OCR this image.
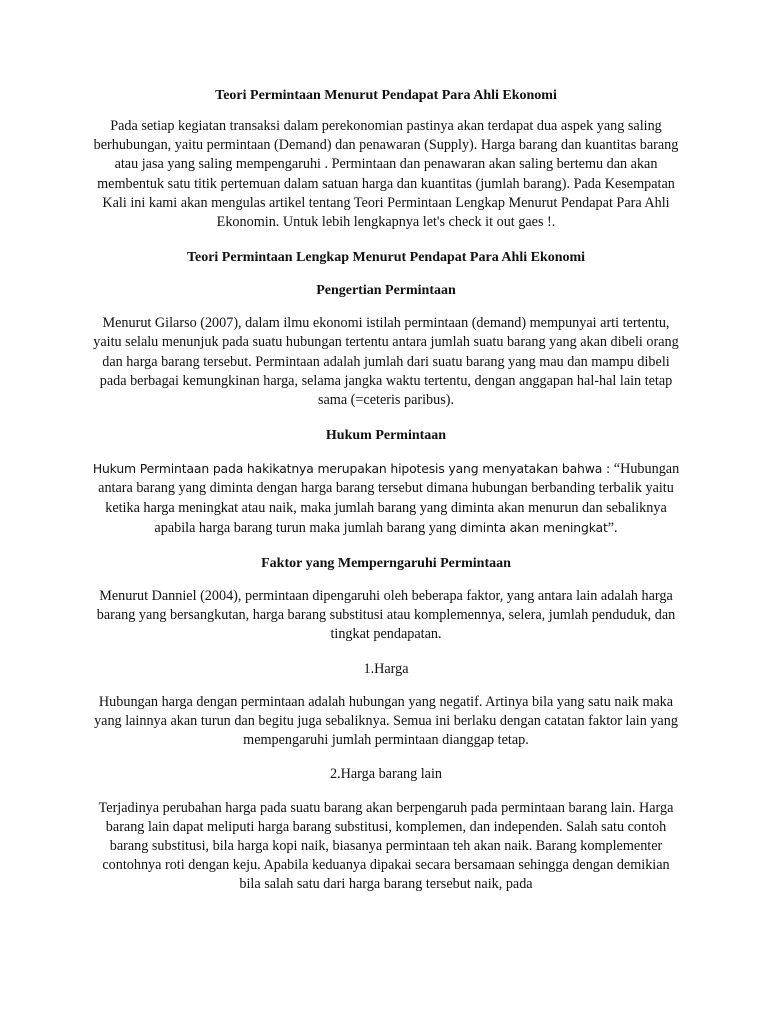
Teori Permintaan Menurut Pendapat Para Ahli Ekonomi

Pada setiap kegiatan transaksi dalam perekonomian pastinya akan terdapat dua aspek yang saling berhubungan, yaitu permintaan (Demand) dan penawaran (Supply). Harga barang dan kuantitas barang atau jasa yang saling mempengaruhi . Permintaan dan penawaran akan saling bertemu dan akan membentuk satu titik pertemuan dalam satuan harga dan kuantitas (jumlah barang). Pada Kesempatan Kali ini kami akan mengulas artikel tentang Teori Permintaan Lengkap Menurut Pendapat Para Ahli Ekonomin. Untuk lebih lengkapnya let's check it out gaes !.

Teori Permintaan Lengkap Menurut Pendapat Para Ahli Ekonomi
Pengertian Permintaan

Menurut Gilarso (2007), dalam ilmu ekonomi istilah permintaan (demand) mempunyai arti tertentu, yaitu selalu menunjuk pada suatu hubungan tertentu antara jumlah suatu barang yang akan dibeli orang dan harga barang tersebut. Permintaan adalah jumlah dari suatu barang yang mau dan mampu dibeli pada berbagai kemungkinan harga, selama jangka waktu tertentu, dengan anggapan hal-hal lain tetap sama (=ceteris paribus).

Hukum Permintaan

Hukum Permintaan pada hakikatnya merupakan hipotesis yang menyatakan bahwa : “Hubungan antara barang yang diminta dengan harga barang tersebut dimana hubungan berbanding terbalik yaitu ketika harga meningkat atau naik, maka jumlah barang yang diminta akan menurun dan sebaliknya apabila harga barang turun maka jumlah barang yang diminta akan meningkat”.

Faktor yang Memperngaruhi Permintaan

Menurut Danniel (2004), permintaan dipengaruhi oleh beberapa faktor, yang antara lain adalah harga barang yang bersangkutan, harga barang substitusi atau komplemennya, selera, jumlah penduduk, dan tingkat pendapatan.

1.Harga

Hubungan harga dengan permintaan adalah hubungan yang negatif. Artinya bila yang satu naik maka yang lainnya akan turun dan begitu juga sebaliknya. Semua ini berlaku dengan catatan faktor lain yang mempengaruhi jumlah permintaan dianggap tetap.

2.Harga barang lain

Terjadinya perubahan harga pada suatu barang akan berpengaruh pada permintaan barang lain. Harga barang lain dapat meliputi harga barang substitusi, komplemen, dan independen. Salah satu contoh barang substitusi, bila harga kopi naik, biasanya permintaan teh akan naik. Barang komplementer contohnya roti dengan keju. Apabila keduanya dipakai secara bersamaan sehingga dengan demikian bila salah satu dari harga barang tersebut naik, pada
